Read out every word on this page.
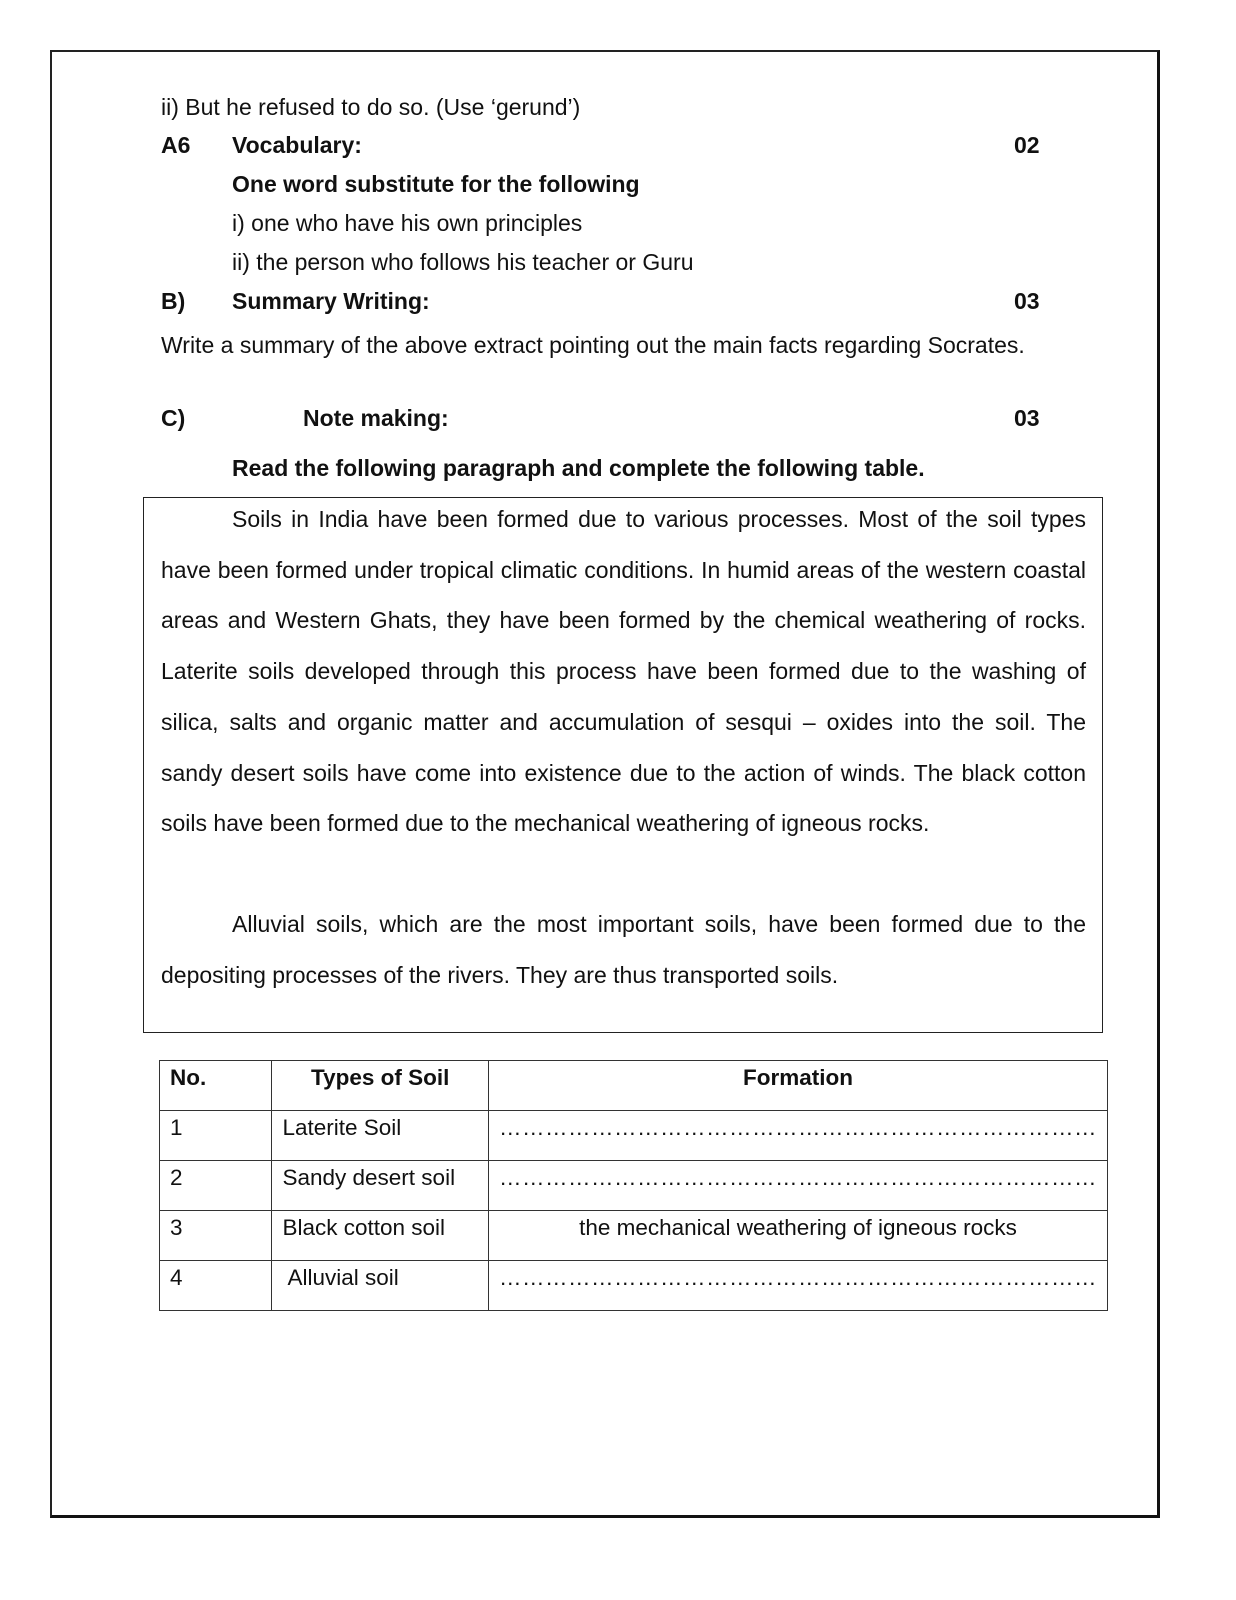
ii) But he refused to do so. (Use ‘gerund’)
A6 Vocabulary:	02
One word substitute for the following
i) one who have his own principles
ii) the person who follows his teacher or Guru
B) Summary Writing:	03
Write a summary of the above extract pointing out the main facts regarding Socrates.
C)	Note making:	03
Read the following paragraph and complete the following table.

Soils in India have been formed due to various processes. Most of the soil types have been formed under tropical climatic conditions. In humid areas of the western coastal areas and Western Ghats, they have been formed by the chemical weathering of rocks. Laterite soils developed through this process have been formed due to the washing of silica, salts and organic matter and accumulation of sesqui – oxides into the soil. The sandy desert soils have come into existence due to the action of winds. The black cotton soils have been formed due to the mechanical weathering of igneous rocks.

Alluvial soils, which are the most important soils, have been formed due to the depositing processes of the rivers. They are thus transported soils.

No.	Types of Soil	Formation
1	Laterite Soil	……………………………………………………………………
2	Sandy desert soil	……………………………………………………………………
3	Black cotton soil	the mechanical weathering of igneous rocks
4	Alluvial soil	……………………………………………………………………
